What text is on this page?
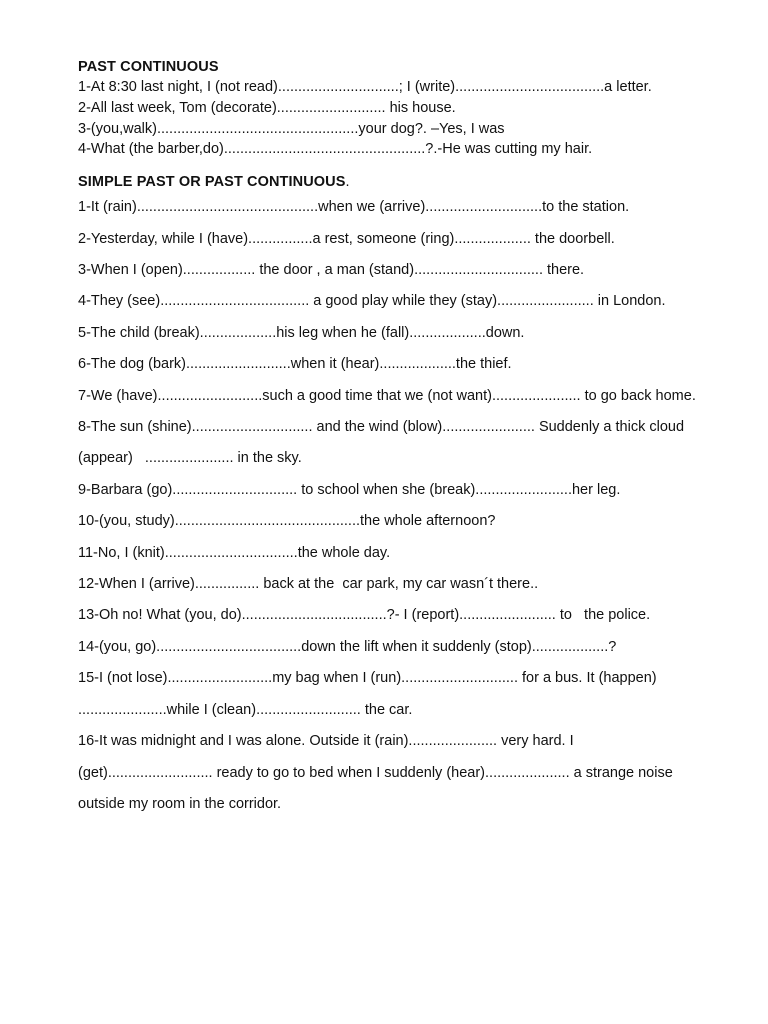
PAST CONTINUOUS
1-At 8:30 last night, I (not read)..............................; I (write).....................................a letter.
2-All last week, Tom (decorate)........................... his house.
3-(you,walk)..................................................your dog?. –Yes, I was
4-What (the barber,do)..................................................?.-He was cutting my hair.
SIMPLE PAST OR PAST CONTINUOUS.
1-It (rain).............................................when we (arrive).............................to the station.
2-Yesterday, while I (have)................a rest, someone (ring)................... the doorbell.
3-When I (open).................. the door , a man (stand)................................ there.
4-They (see)..................................... a good play while they (stay)........................ in London.
5-The child (break)...................his leg when he (fall)...................down.
6-The dog (bark)..........................when it (hear)...................the thief.
7-We (have)..........................such a good time that we (not want)...................... to go back home.
8-The sun (shine).............................. and the wind (blow)....................... Suddenly a thick cloud (appear)   ...................... in the sky.
9-Barbara (go)............................... to school when she (break)........................her leg.
10-(you, study)..............................................the whole afternoon?
11-No, I (knit).................................the whole day.
12-When I (arrive)................ back at the  car park, my car wasn´t there..
13-Oh no! What (you, do)....................................?- I (report)........................ to   the police.
14-(you, go)....................................down the lift when it suddenly (stop)...................?
15-I (not lose)..........................my bag when I (run)............................. for a bus. It (happen) ......................while I (clean).......................... the car.
16-It was midnight and I was alone. Outside it (rain)...................... very hard. I (get).......................... ready to go to bed when I suddenly (hear)..................... a strange noise outside my room in the corridor.
